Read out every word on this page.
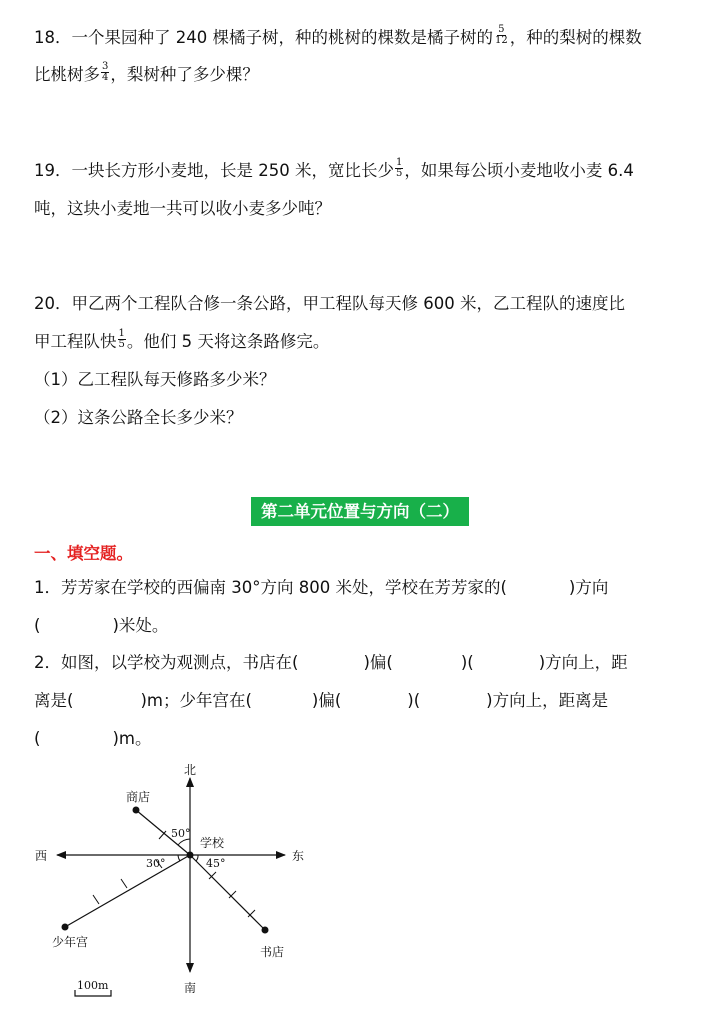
18．一个果园种了 240 棵橘子树，种的桃树的棵数是橘子树的 $\frac{5}{12}$ ，种的梨树的棵数
比桃树多 $\frac{3}{4}$ ，梨树种了多少棵？
19．一块长方形小麦地，长是 250 米，宽比长少 $\frac{1}{5}$ ，如果每公顷小麦地收小麦 6.4
吨，这块小麦地一共可以收小麦多少吨？
20．甲乙两个工程队合修一条公路，甲工程队每天修 600 米，乙工程队的速度比
甲工程队快 $\frac{1}{5}$ 。他们 5 天将这条路修完。
（1）乙工程队每天修路多少米？
（2）这条公路全长多少米？
第二单元位置与方向（二）
一、填空题。
1．芳芳家在学校的西偏南 30°方向 800 米处，学校在芳芳家的(	)方向
(	)米处。
2．如图，以学校为观测点，书店在(	)偏(	)(	)方向上，距
离是(	)m；少年宫在(	)偏(	)(	)方向上，距离是
(	)m。
北
南
西	东
商店
学校
少年宫
书店
50°
30°	45°
100m
